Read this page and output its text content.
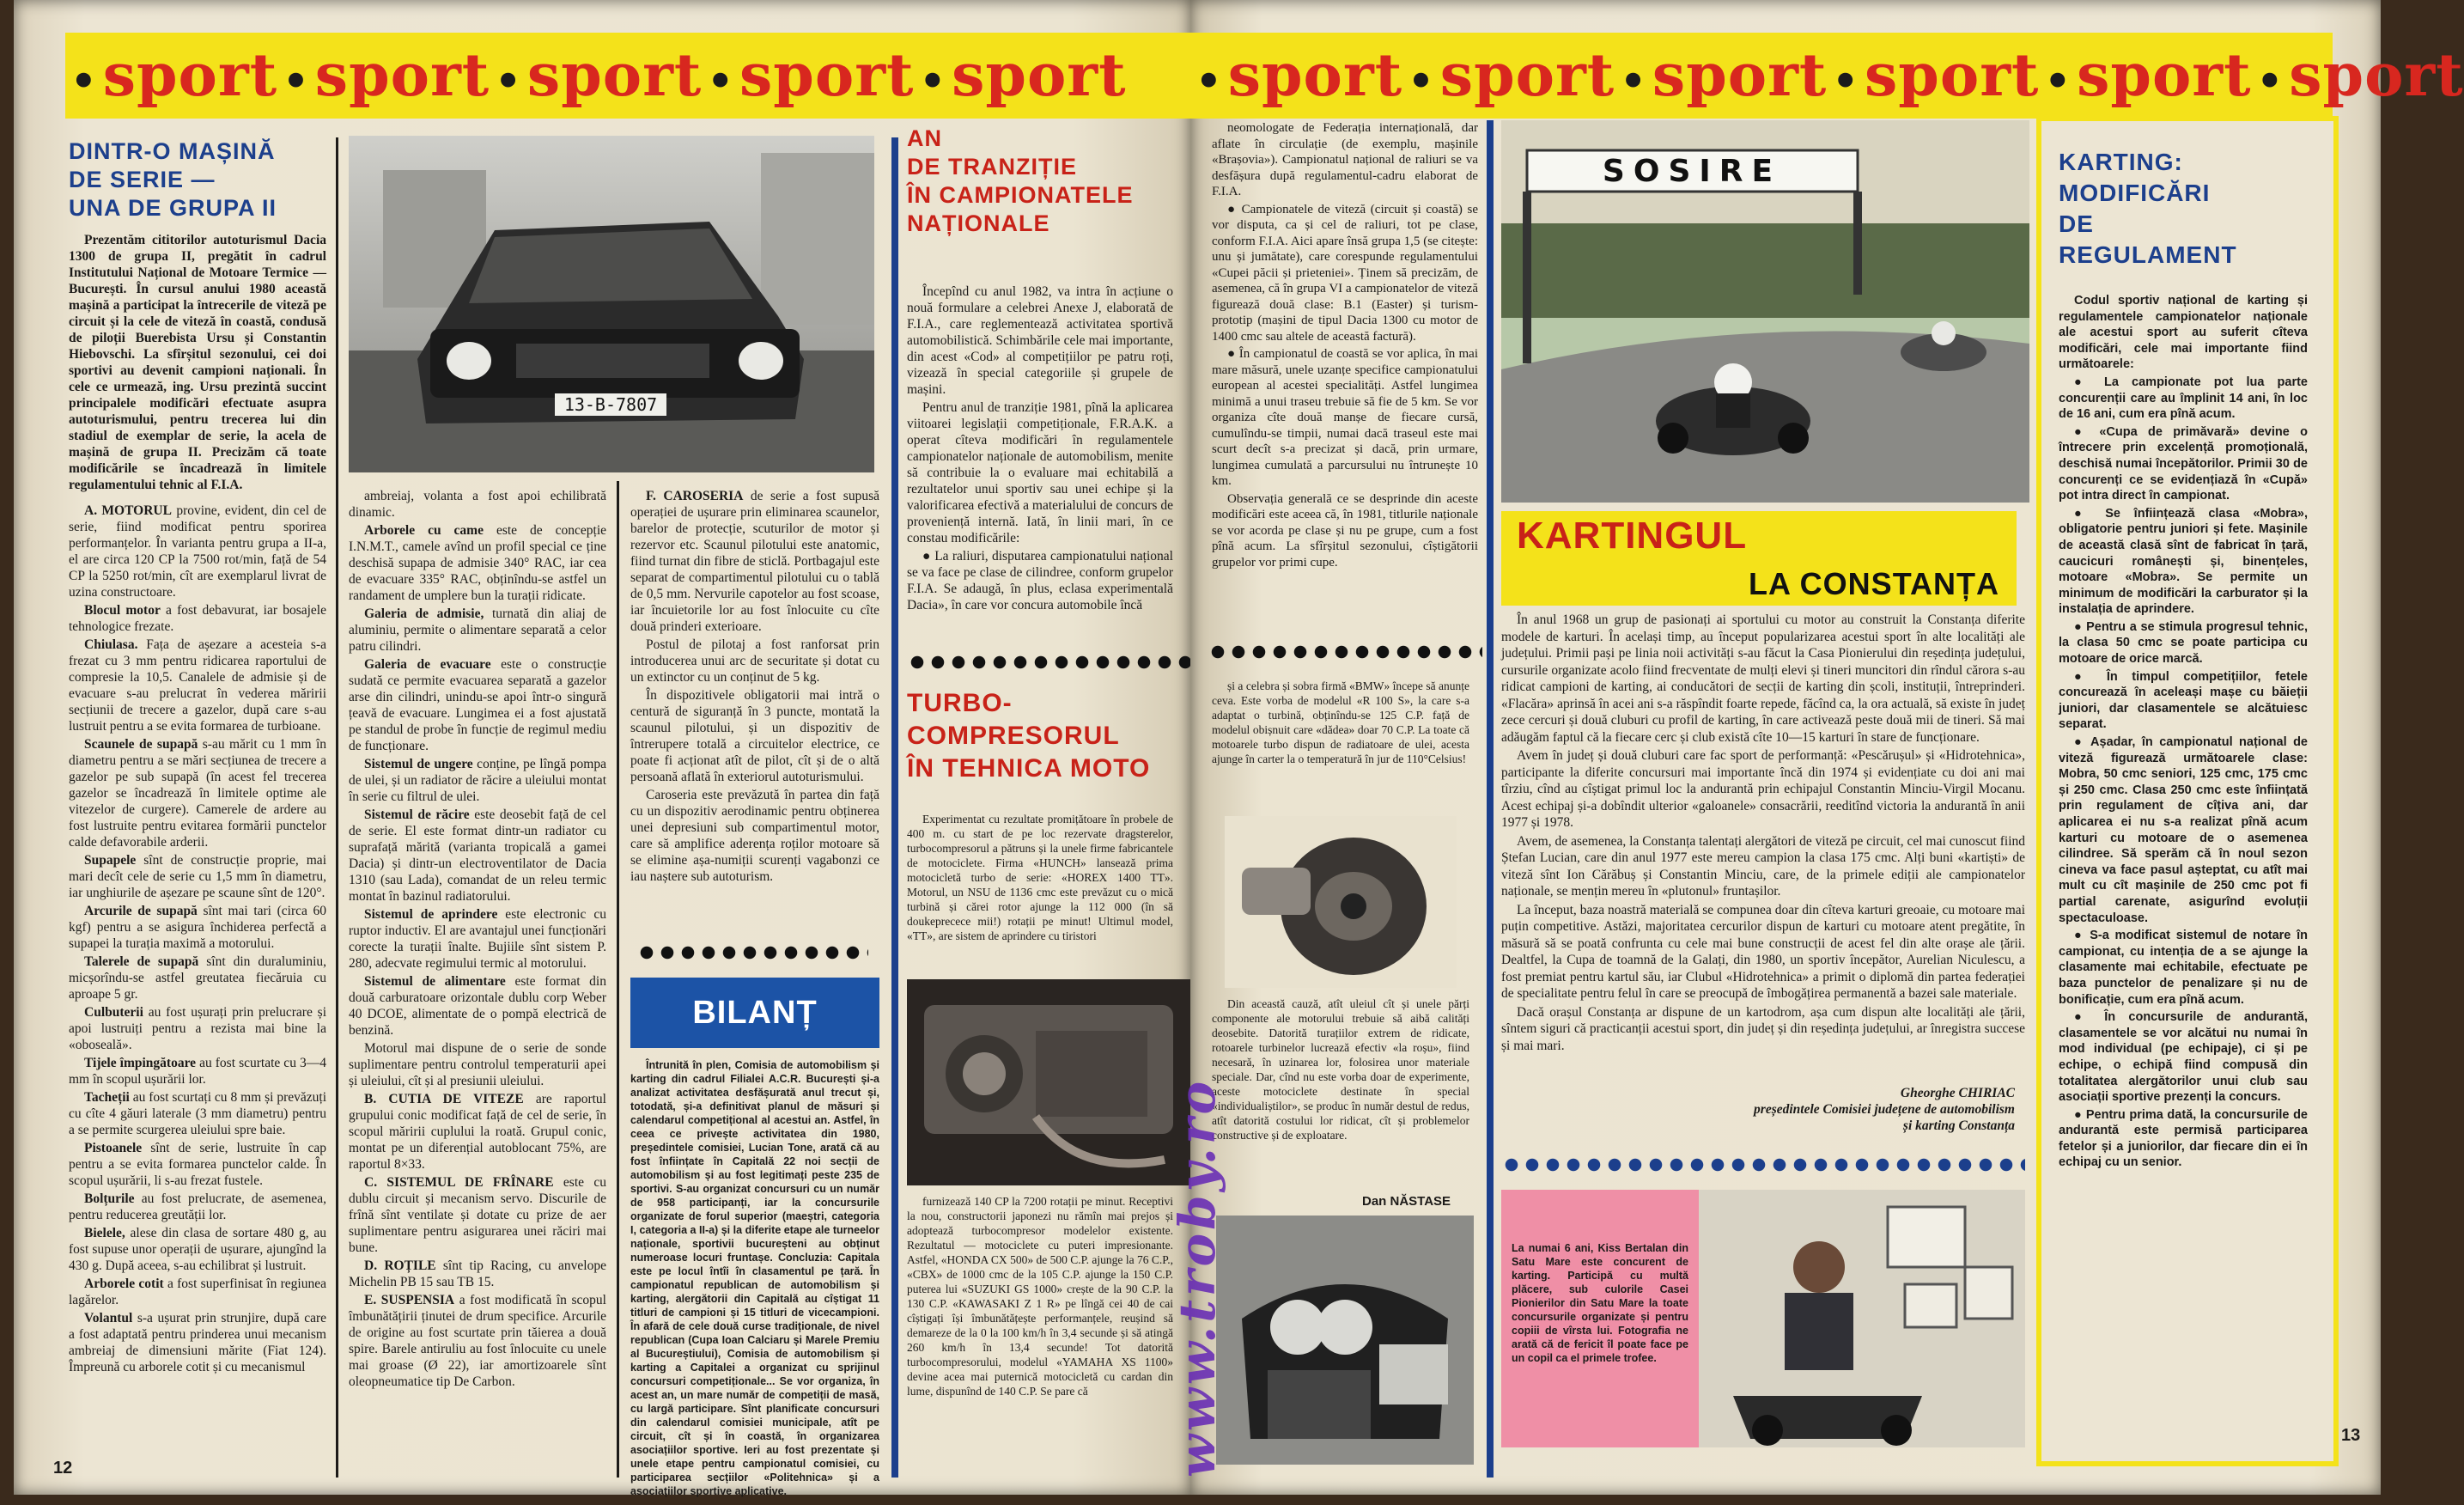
•sport •sport •sport •sport •sport
DINTR-O MAȘINĂ
DE SERIE —
UNA DE GRUPA II
13-B-7807

Prezentăm cititorilor autoturismul Dacia 1300 de grupa II, pregătit în cadrul Institutului Național de Motoare Termice — București. În cursul anului 1980 această mașină a participat la întrecerile de viteză pe circuit și la cele de viteză în coastă, condusă de piloții Buerebista Ursu și Constantin Hiebovschi. La sfîrșitul sezonului, cei doi sportivi au devenit campioni naționali. În cele ce urmează, ing. Ursu prezintă succint principalele modificări efectuate asupra autoturismului, pentru trecerea lui din stadiul de exemplar de serie, la acela de mașină de grupa II. Precizăm că toate modificările se încadrează în limitele regulamentului tehnic al F.I.A.

A. MOTORUL provine, evident, din cel de serie, fiind modificat pentru sporirea performanțelor. În varianta pentru grupa a II-a, el are circa 120 CP la 7500 rot/min, față de 54 CP la 5250 rot/min, cît are exemplarul livrat de uzina constructoare.

Blocul motor a fost debavurat, iar bosajele tehnologice frezate.

Chiulasa. Fața de așezare a acesteia s-a frezat cu 3 mm pentru ridicarea raportului de compresie la 10,5. Canalele de admisie și de evacuare s-au prelucrat în vederea măririi secțiunii de trecere a gazelor, după care s-au lustruit pentru a se evita formarea de turbioane.

Scaunele de supapă s-au mărit cu 1 mm în diametru pentru a se mări secțiunea de trecere a gazelor pe sub supapă (în acest fel trecerea gazelor se încadrează în limitele optime ale vitezelor de curgere). Camerele de ardere au fost lustruite pentru evitarea formării punctelor calde defavorabile arderii.

Supapele sînt de construcție proprie, mai mari decît cele de serie cu 1,5 mm în diametru, iar unghiurile de așezare pe scaune sînt de 120°.

Arcurile de supapă sînt mai tari (circa 60 kgf) pentru a se asigura închiderea perfectă a supapei la turația maximă a motorului.

Talerele de supapă sînt din duraluminiu, micșorîndu-se astfel greutatea fiecăruia cu aproape 5 gr.

Culbuterii au fost ușurați prin prelucrare și apoi lustruiți pentru a rezista mai bine la «oboseală».

Tijele împingătoare au fost scurtate cu 3—4 mm în scopul ușurării lor.

Tacheții au fost scurtați cu 8 mm și prevăzuți cu cîte 4 găuri laterale (3 mm diametru) pentru a se permite scurgerea uleiului spre baie.

Pistoanele sînt de serie, lustruite în cap pentru a se evita formarea punctelor calde. În scopul ușurării, li s-au frezat fustele.

Bolțurile au fost prelucrate, de asemenea, pentru reducerea greutății lor.

Bielele, alese din clasa de sortare 480 g, au fost supuse unor operații de ușurare, ajungînd la 430 g. După aceea, s-au echilibrat și lustruit.

Arborele cotit a fost superfinisat în regiunea lagărelor.

Volantul s-a ușurat prin strunjire, după care a fost adaptată pentru prinderea unui mecanism ambreiaj de dimensiuni mărite (Fiat 124). Împreună cu arborele cotit și cu mecanismul

ambreiaj, volanta a fost apoi echilibrată dinamic.

Arborele cu came este de concepție I.N.M.T., camele avînd un profil special ce ține deschisă supapa de admisie 340° RAC, iar cea de evacuare 335° RAC, obținîndu-se astfel un randament de umplere bun la turații ridicate.

Galeria de admisie, turnată din aliaj de aluminiu, permite o alimentare separată a celor patru cilindri.

Galeria de evacuare este o construcție sudată ce permite evacuarea separată a gazelor arse din cilindri, unindu-se apoi într-o singură țeavă de evacuare. Lungimea ei a fost ajustată pe standul de probe în funcție de regimul mediu de funcționare.

Sistemul de ungere conține, pe lîngă pompa de ulei, și un radiator de răcire a uleiului montat în serie cu filtrul de ulei.

Sistemul de răcire este deosebit față de cel de serie. El este format dintr-un radiator cu suprafață mărită (varianta tropicală a gamei Dacia) și dintr-un electroventilator de Dacia 1310 (sau Lada), comandat de un releu termic montat în bazinul radiatorului.

Sistemul de aprindere este electronic cu ruptor inductiv. El are avantajul unei funcționări corecte la turații înalte. Bujiile sînt sistem P. 280, adecvate regimului termic al motorului.

Sistemul de alimentare este format din două carburatoare orizontale dublu corp Weber 40 DCOE, alimentate de o pompă electrică de benzină.

Motorul mai dispune de o serie de sonde suplimentare pentru controlul temperaturii apei și uleiului, cît și al presiunii uleiului.

B. CUTIA DE VITEZE are raportul grupului conic modificat față de cel de serie, în scopul măririi cuplului la roată. Grupul conic, montat pe un diferențial autoblocant 75%, are raportul 8×33.

C. SISTEMUL DE FRÎNARE este cu dublu circuit și mecanism servo. Discurile de frînă sînt ventilate și dotate cu prize de aer suplimentare pentru asigurarea unei răciri mai bune.

D. ROȚILE sînt tip Racing, cu anvelope Michelin PB 15 sau TB 15.

E. SUSPENSIA a fost modificată în scopul îmbunătățirii ținutei de drum specifice. Arcurile de origine au fost scurtate prin tăierea a două spire. Barele antiruliu au fost înlocuite cu unele mai groase (Ø 22), iar amortizoarele sînt oleopneumatice tip De Carbon.

F. CAROSERIA de serie a fost supusă operației de ușurare prin eliminarea scaunelor, barelor de protecție, scuturilor de motor și rezervor etc. Scaunul pilotului este anatomic, fiind turnat din fibre de sticlă. Portbagajul este separat de compartimentul pilotului cu o tablă de 0,5 mm. Nervurile capotelor au fost scoase, iar încuietorile lor au fost înlocuite cu cîte două prinderi exterioare.

Postul de pilotaj a fost ranforsat prin introducerea unui arc de securitate și dotat cu un extinctor cu un conținut de 5 kg.

În dispozitivele obligatorii mai intră o centură de siguranță în 3 puncte, montată la scaunul pilotului, și un dispozitiv de întrerupere totală a circuitelor electrice, ce poate fi acționat atît de pilot, cît și de o altă persoană aflată în exteriorul autoturismului.

Caroseria este prevăzută în partea din față cu un dispozitiv aerodinamic pentru obținerea unei depresiuni sub compartimentul motor, care să amplifice aderența roților motoare să se elimine așa-numiții scurenți vagabonzi ce iau naștere sub autoturism.

BILANȚ

Întrunită în plen, Comisia de automobilism și karting din cadrul Filialei A.C.R. București și-a analizat activitatea desfășurată anul trecut și, totodată, și-a definitivat planul de măsuri și calendarul competițional al acestui an. Astfel, în ceea ce privește activitatea din 1980, președintele comisiei, Lucian Tone, arată că au fost înființate în Capitală 22 noi secții de automobilism și au fost legitimați peste 235 de sportivi. S-au organizat concursuri cu un număr de 958 participanți, iar la concursurile organizate de forul superior (maeștri, categoria I, categoria a II-a) și la diferite etape ale turneelor naționale, sportivii bucureșteni au obținut numeroase locuri fruntașe. Concluzia: Capitala este pe locul întîi în clasamentul pe țară. În campionatul republican de automobilism și karting, alergătorii din Capitală au cîștigat 11 titluri de campioni și 15 titluri de vicecampioni. În afară de cele două curse tradiționale, de nivel republican (Cupa Ioan Calciaru și Marele Premiu al Bucureștiului), Comisia de automobilism și karting a Capitalei a organizat cu sprijinul concursuri competiționale... Se vor organiza, în acest an, un mare număr de competiții de masă, cu largă participare. Sînt planificate concursuri din calendarul comisiei municipale, atît pe circuit, cît și în coastă, în organizarea asociațiilor sportive. Ieri au fost prezentate și unele etape pentru campionatul comisiei, cu participarea secțiilor «Politehnica» și a asociațiilor sportive aplicative.

AN
DE TRANZIȚIE
ÎN CAMPIONATELE
NAȚIONALE

Începînd cu anul 1982, va intra în acțiune o nouă formulare a celebrei Anexe J, elaborată de F.I.A., care reglementează activitatea sportivă automobilistică. Schimbările cele mai importante, din acest «Cod» al competițiilor pe patru roți, vizează în special categoriile și grupele de mașini.

Pentru anul de tranziție 1981, pînă la aplicarea viitoarei legislații competiționale, F.R.A.K. a operat cîteva modificări în regulamentele campionatelor naționale de automobilism, menite să contribuie la o evaluare mai echitabilă a rezultatelor unui sportiv sau unei echipe și la valorificarea efectivă a materialului de concurs de proveniență internă. Iată, în linii mari, în ce constau modificările:

● La raliuri, disputarea campionatului național se va face pe clase de cilindree, conform grupelor F.I.A. Se adaugă, în plus, eclasa experimentală Dacia», în care vor concura automobile încă

TURBO-
COMPRESORUL
ÎN TEHNICA MOTO

Experimentat cu rezultate promițătoare în probele de 400 m. cu start de pe loc rezervate dragsterelor, turbocompresorul a pătruns și la unele firme fabricantele de motociclete. Firma «HUNCH» lansează prima motocicletă turbo de serie: «HOREX 1400 TT». Motorul, un NSU de 1136 cmc este prevăzut cu o mică turbină și cărei rotor ajunge la 112 000 (în să doukeprecece mii!) rotații pe minut! Ultimul model, «TT», are sistem de aprindere cu tiristori

furnizează 140 CP la 7200 rotații pe minut. Receptivi la nou, constructorii japonezi nu rămîn mai prejos și adoptează turbocompresor modelelor existente. Rezultatul — motociclete cu puteri impresionante. Astfel, «HONDA CX 500» de 500 C.P. ajunge la 76 C.P., «CBX» de 1000 cmc de la 105 C.P. ajunge la 150 C.P. puterea lui «SUZUKI GS 1000» crește de la 90 C.P. la 130 C.P. «KAWASAKI Z 1 R» pe lîngă cei 40 de cai cîștigați își îmbunătățește performanțele, reușind să demareze de la 0 la 100 km/h în 3,4 secunde și să atingă 260 km/h în 13,4 secunde! Tot datorită turbocompresorului, modelul «YAMAHA XS 1100» devine acea mai puternică motocicletă cu cardan din lume, dispunînd de 140 C.P. Se pare că

12
•sport •sport •sport •sport •sport •sport

neomologate de Federația internațională, dar aflate în circulație (de exemplu, mașinile «Brașovia»). Campionatul național de raliuri se va desfășura după regulamentul-cadru elaborat de F.I.A.

● Campionatele de viteză (circuit și coastă) se vor disputa, ca și cel de raliuri, tot pe clase, conform F.I.A. Aici apare însă grupa 1,5 (se citește: unu și jumătate), care corespunde regulamentului «Cupei păcii și prieteniei». Ținem să precizăm, de asemenea, că în grupa VI a campionatelor de viteză figurează două clase: B.1 (Easter) și turism-prototip (mașini de tipul Dacia 1300 cu motor de 1400 cmc sau altele de această factură).

● În campionatul de coastă se vor aplica, în mai mare măsură, unele uzanțe specifice campionatului european al acestei specialități. Astfel lungimea minimă a unui traseu trebuie să fie de 5 km. Se vor organiza cîte două manșe de fiecare cursă, cumulîndu-se timpii, numai dacă traseul este mai scurt decît s-a precizat și dacă, prin urmare, lungimea cumulată a parcursului nu întrunește 10 km.

Observația generală ce se desprinde din aceste modificări este aceea că, în 1981, titlurile naționale se vor acorda pe clase și nu pe grupe, cum a fost pînă acum. La sfîrșitul sezonului, cîștigătorii grupelor vor primi cupe.

și a celebra și sobra firmă «BMW» începe să anunțe ceva. Este vorba de modelul «R 100 S», la care s-a adaptat o turbină, obținîndu-se 125 C.P. față de modelul obișnuit care «dădea» doar 70 C.P. La toate că motoarele turbo dispun de radiatoare de ulei, acesta ajunge în carter la o temperatură în jur de 110°Celsius!

Din această cauză, atît uleiul cît și unele părți componente ale motorului trebuie să aibă calități deosebite. Datorită turațiilor extrem de ridicate, rotoarele turbinelor lucrează efectiv «la roșu», fiind necesară, în uzinarea lor, folosirea unor materiale speciale. Dar, cînd nu este vorba doar de experimente, aceste motociclete destinate în special «individualiștilor», se produc în număr destul de redus, atît datorită costului lor ridicat, cît și problemelor constructive și de exploatare.

Dan NĂSTASE
SOSIRE
KARTINGUL
LA CONSTANȚA

În anul 1968 un grup de pasionați ai sportului cu motor au construit la Constanța diferite modele de karturi. În același timp, au început popularizarea acestui sport în alte localități ale județului. Primii pași pe linia noii activități s-au făcut la Casa Pionierului din reședința județului, cursurile organizate acolo fiind frecventate de mulți elevi și tineri muncitori din rîndul cărora s-au ridicat campioni de karting, ai conducători de secții de karting din școli, instituții, întreprinderi. «Flacăra» aprinsă în acei ani s-a răspîndit foarte repede, făcînd ca, la ora actuală, să existe în județ zece cercuri și două cluburi cu profil de karting, în care activează peste două mii de tineri. Să mai adăugăm faptul că la fiecare cerc și club există cîte 10—15 karturi în stare de funcționare.

Avem în județ și două cluburi care fac sport de performanță: «Pescărușul» și «Hidrotehnica», participante la diferite concursuri mai importante încă din 1974 și evidențiate cu doi ani mai tîrziu, cînd au cîștigat primul loc la andurantă prin echipajul Constantin Minciu-Virgil Mocanu. Acest echipaj și-a dobîndit ulterior «galoanele» consacrării, reeditînd victoria la andurantă în anii 1977 și 1978.

Avem, de asemenea, la Constanța talentați alergători de viteză pe circuit, cel mai cunoscut fiind Ștefan Lucian, care din anul 1977 este mereu campion la clasa 175 cmc. Alți buni «kartiști» de viteză sînt Ion Cărăbuș și Constantin Minciu, care, de la primele ediții ale campionatelor naționale, se mențin mereu în «plutonul» fruntașilor.

La început, baza noastră materială se compunea doar din cîteva karturi greoaie, cu motoare mai puțin competitive. Astăzi, majoritatea cercurilor dispun de karturi cu motoare atent pregătite, în măsură să se poată confrunta cu cele mai bune construcții de acest fel din alte orașe ale țării. Dealtfel, la Cupa de toamnă de la Galați, din 1980, un sportiv începător, Aurelian Niculescu, a fost premiat pentru kartul său, iar Clubul «Hidrotehnica» a primit o diplomă din partea federației de specialitate pentru felul în care se preocupă de îmbogățirea permanentă a bazei sale materiale.

Dacă orașul Constanța ar dispune de un kartodrom, așa cum dispun alte localități ale țării, sîntem siguri că practicanții acestui sport, din județ și din reședința județului, ar înregistra succese și mai mari.

Gheorghe CHIRIAC
președintele Comisiei județene de automobilism
și karting Constanța
La numai 6 ani, Kiss Bertalan din Satu Mare este concurent de karting. Participă cu multă plăcere, sub culorile Casei Pionierilor din Satu Mare la toate concursurile organizate și pentru copiii de vîrsta lui. Fotografia ne arată că de fericit îl poate face pe un copil ca el primele trofee.
KARTING:
MODIFICĂRI
DE
REGULAMENT

Codul sportiv național de karting și regulamentele campionatelor naționale ale acestui sport au suferit cîteva modificări, cele mai importante fiind următoarele:

● La campionate pot lua parte concurenții care au împlinit 14 ani, în loc de 16 ani, cum era pînă acum.

● «Cupa de primăvară» devine o întrecere prin excelență promoțională, deschisă numai începătorilor. Primii 30 de concurenți ce se evidențiază în «Cupă» pot intra direct în campionat.

● Se înființează clasa «Mobra», obligatorie pentru juniori și fete. Mașinile de această clasă sînt de fabricat în țară, caucicuri românești și, binențeles, motoare «Mobra». Se permite un minimum de modificări la carburator și la instalația de aprindere.

● Pentru a se stimula progresul tehnic, la clasa 50 cmc se poate participa cu motoare de orice marcă.

● În timpul competițiilor, fetele concurează în aceleași mașe cu băieții juniori, dar clasamentele se alcătuiesc separat.

● Așadar, în campionatul național de viteză figurează următoarele clase: Mobra, 50 cmc seniori, 125 cmc, 175 cmc și 250 cmc. Clasa 250 cmc este înființată prin regulament de cîțiva ani, dar aplicarea ei nu s-a realizat pînă acum karturi cu motoare de o asemenea cilindree. Să sperăm că în noul sezon cineva va face pasul așteptat, cu atît mai mult cu cît mașinile de 250 cmc pot fi partial carenate, asigurînd evoluții spectaculoase.

● S-a modificat sistemul de notare în campionat, cu intenția de a se ajunge la clasamente mai echitabile, efectuate pe baza punctelor de penalizare și nu de bonificație, cum era pînă acum.

● În concursurile de andurantă, clasamentele se vor alcătui nu numai în mod individual (pe echipaje), ci și pe echipe, o echipă fiind compusă din totalitatea alergătorilor unui club sau asociații sportive prezenți la concurs.

● Pentru prima dată, la concursurile de andurantă este permisă participarea fetelor și a juniorilor, dar fiecare din ei în echipaj cu un senior.

13
www.troby.ro
